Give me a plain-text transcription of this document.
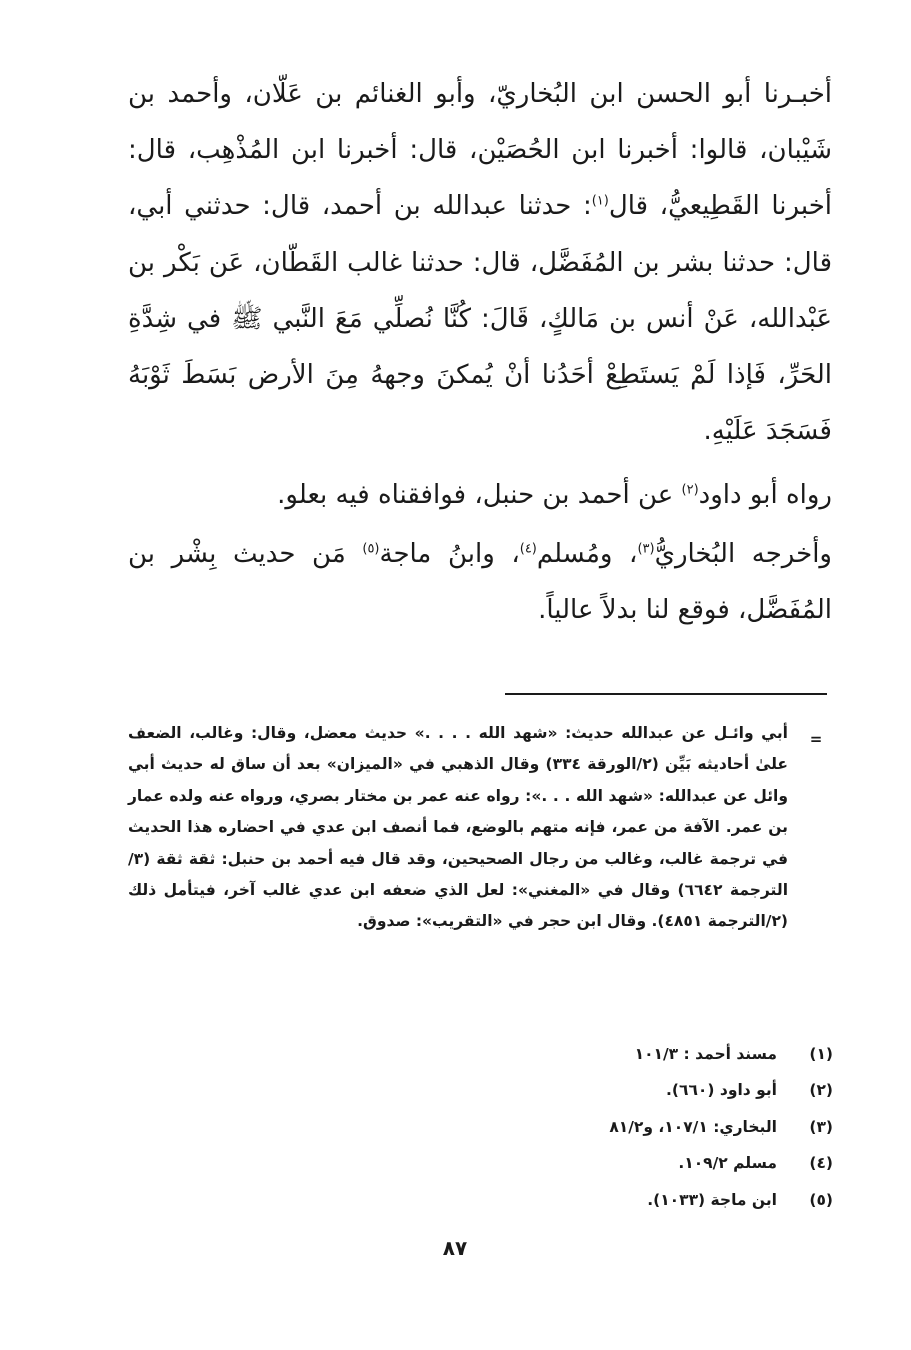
أخبـرنا أبو الحسن ابن البُخاريّ، وأبو الغنائم بن عَلّان، وأحمد بن شَيْبان، قالوا: أخبرنا ابن الحُصَيْن، قال: أخبرنا ابن المُذْهِب، قال: أخبرنا القَطِيعيُّ، قال$^{(١)}$: حدثنا عبدالله بن أحمد، قال: حدثني أبي، قال: حدثنا بشر بن المُفَضَّل، قال: حدثنا غالب القَطّان، عَن بَكْر بن عَبْدالله، عَنْ أنس بن مَالكٍ، قَالَ: كُنَّا نُصلِّي مَعَ النَّبي ﷺ في شِدَّةِ الحَرِّ، فَإذا لَمْ يَستَطِعْ أحَدُنا أنْ يُمكنَ وجههُ مِنَ الأرض بَسَطَ ثَوْبَهُ فَسَجَدَ عَلَيْهِ.

رواه أبو داود$^{(٢)}$ عن أحمد بن حنبل، فوافقناه فيه بعلو.

وأخرجه البُخاريُّ$^{(٣)}$، ومُسلم$^{(٤)}$، وابنُ ماجة$^{(٥)}$ مَن حديث بِشْر بن المُفَضَّل، فوقع لنا بدلاً عالياً.

=

أبي وائـل عن عبدالله حديث: «شهد الله . . . .» حديث معضل، وقال: وغالب، الضعف علىٰ أحاديثه بَيِّن (٢/الورقة ٣٣٤) وقال الذهبي في «الميزان» بعد أن ساق له حديث أبي وائل عن عبدالله: «شهد الله . . .»: رواه عنه عمر بن مختار بصري، ورواه عنه ولده عمار بن عمر. الآفة من عمر، فإنه متهم بالوضع، فما أنصف ابن عدي في احضاره هذا الحديث في ترجمة غالب، وغالب من رجال الصحيحين، وقد قال فيه أحمد بن حنبل: ثقة ثقة (٣/الترجمة ٦٦٤٢) وقال في «المغني»: لعل الذي ضعفه ابن عدي غالب آخر، فيتأمل ذلك (٢/الترجمة ٤٨٥١). وقال ابن حجر في «التقريب»: صدوق.

(١)مسند أحمد : ١٠١/٣
(٢)أبو داود (٦٦٠).
(٣)البخاري: ١٠٧/١، و٨١/٢
(٤)مسلم ١٠٩/٢.
(٥)ابن ماجة (١٠٣٣).
٨٧
